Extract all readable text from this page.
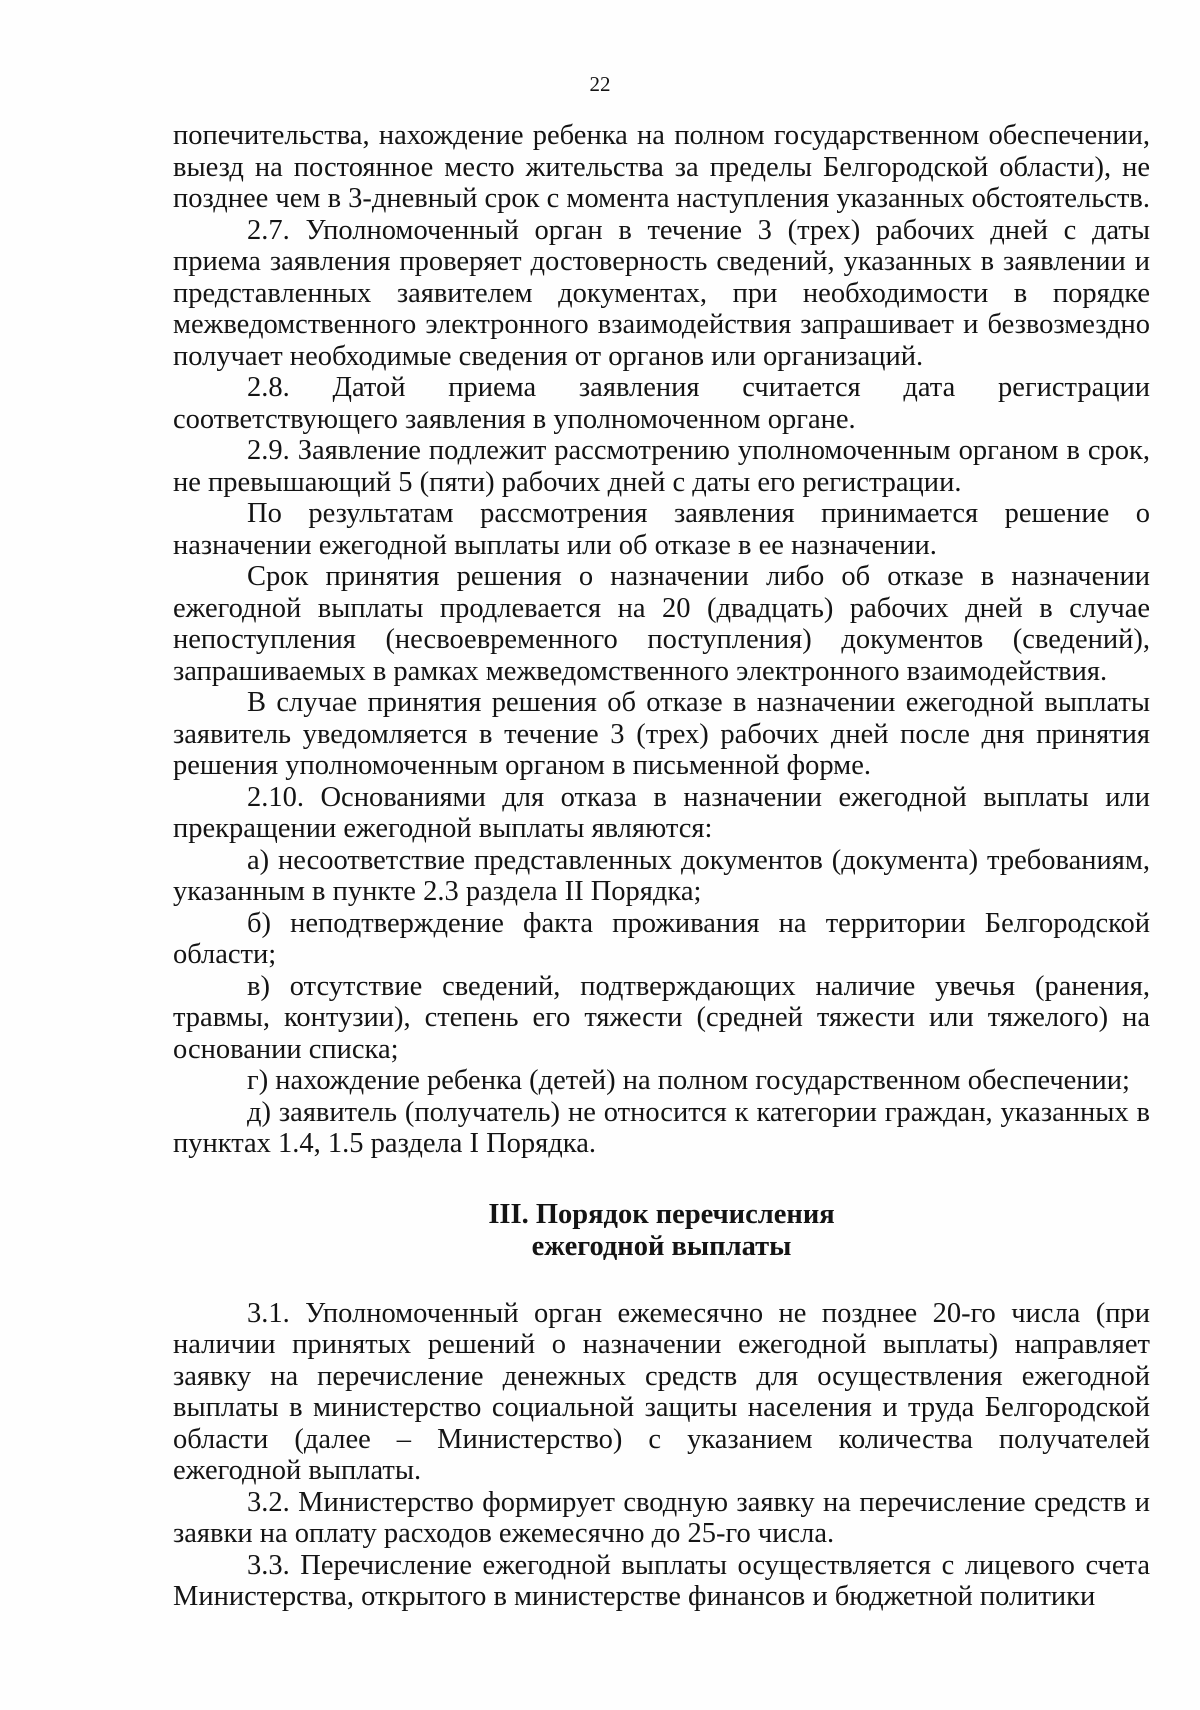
22

попечительства, нахождение ребенка на полном государственном обеспечении, выезд на постоянное место жительства за пределы Белгородской области), не позднее чем в 3-дневный срок с момента наступления указанных обстоятельств.

2.7. Уполномоченный орган в течение 3 (трех) рабочих дней с даты приема заявления проверяет достоверность сведений, указанных в заявлении и представленных заявителем документах, при необходимости в порядке межведомственного электронного взаимодействия запрашивает и безвозмездно получает необходимые сведения от органов или организаций.

2.8. Датой приема заявления считается дата регистрации соответствующего заявления в уполномоченном органе.

2.9. Заявление подлежит рассмотрению уполномоченным органом в срок, не превышающий 5 (пяти) рабочих дней с даты его регистрации.

По результатам рассмотрения заявления принимается решение о назначении ежегодной выплаты или об отказе в ее назначении.

Срок принятия решения о назначении либо об отказе в назначении ежегодной выплаты продлевается на 20 (двадцать) рабочих дней в случае непоступления (несвоевременного поступления) документов (сведений), запрашиваемых в рамках межведомственного электронного взаимодействия.

В случае принятия решения об отказе в назначении ежегодной выплаты заявитель уведомляется в течение 3 (трех) рабочих дней после дня принятия решения уполномоченным органом в письменной форме.

2.10. Основаниями для отказа в назначении ежегодной выплаты или прекращении ежегодной выплаты являются:

а) несоответствие представленных документов (документа) требованиям, указанным в пункте 2.3 раздела II Порядка;

б) неподтверждение факта проживания на территории Белгородской области;

в) отсутствие сведений, подтверждающих наличие увечья (ранения, травмы, контузии), степень его тяжести (средней тяжести или тяжелого) на основании списка;

г) нахождение ребенка (детей) на полном государственном обеспечении;

д) заявитель (получатель) не относится к категории граждан, указанных в пунктах 1.4, 1.5 раздела I Порядка.

III. Порядок перечисления
ежегодной выплаты

3.1. Уполномоченный орган ежемесячно не позднее 20-го числа (при наличии принятых решений о назначении ежегодной выплаты) направляет заявку на перечисление денежных средств для осуществления ежегодной выплаты в министерство социальной защиты населения и труда Белгородской области (далее – Министерство) с указанием количества получателей ежегодной выплаты.

3.2. Министерство формирует сводную заявку на перечисление средств и заявки на оплату расходов ежемесячно до 25-го числа.

3.3. Перечисление ежегодной выплаты осуществляется с лицевого счета Министерства, открытого в министерстве финансов и бюджетной политики
